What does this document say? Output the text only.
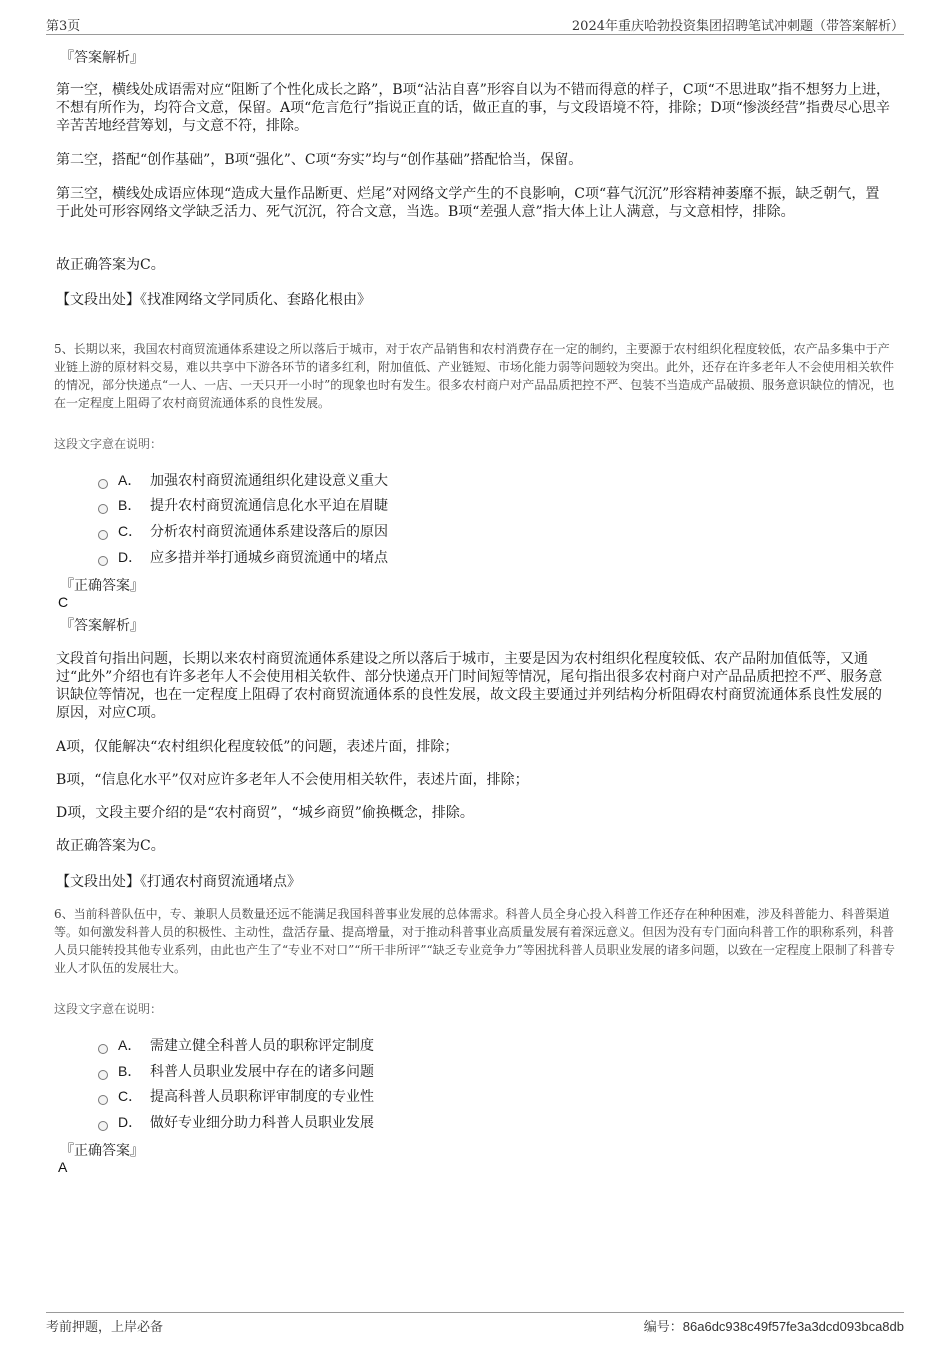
第3页	2024年重庆哈勃投资集团招聘笔试冲刺题（带答案解析）
『答案解析』
第一空，横线处成语需对应“阻断了个性化成长之路”，B项“沾沾自喜”形容自以为不错而得意的样子，C项“不思进取”指不想努力上进，不想有所作为，均符合文意，保留。A项“危言危行”指说正直的话，做正直的事，与文段语境不符，排除；D项“惨淡经营”指费尽心思辛辛苦苦地经营筹划，与文意不符，排除。
第二空，搭配“创作基础”，B项“强化”、C项“夯实”均与“创作基础”搭配恰当，保留。
第三空，横线处成语应体现“造成大量作品断更、烂尾”对网络文学产生的不良影响，C项“暮气沉沉”形容精神萎靡不振，缺乏朝气，置于此处可形容网络文学缺乏活力、死气沉沉，符合文意，当选。B项“差强人意”指大体上让人满意，与文意相悖，排除。
故正确答案为C。
【文段出处】《找准网络文学同质化、套路化根由》
5、长期以来，我国农村商贸流通体系建设之所以落后于城市，对于农产品销售和农村消费存在一定的制约，主要源于农村组织化程度较低，农产品多集中于产业链上游的原材料交易，难以共享中下游各环节的诸多红利，附加值低、产业链短、市场化能力弱等问题较为突出。此外，还存在许多老年人不会使用相关软件的情况，部分快递点“一人、一店、一天只开一小时”的现象也时有发生。很多农村商户对产品品质把控不严、包装不当造成产品破损、服务意识缺位的情况，也在一定程度上阻碍了农村商贸流通体系的良性发展。
这段文字意在说明：
A． 加强农村商贸流通组织化建设意义重大
B． 提升农村商贸流通信息化水平迫在眉睫
C． 分析农村商贸流通体系建设落后的原因
D． 应多措并举打通城乡商贸流通中的堵点
『正确答案』
C
『答案解析』
文段首句指出问题，长期以来农村商贸流通体系建设之所以落后于城市，主要是因为农村组织化程度较低、农产品附加值低等，又通过“此外”介绍也有许多老年人不会使用相关软件、部分快递点开门时间短等情况，尾句指出很多农村商户对产品品质把控不严、服务意识缺位等情况，也在一定程度上阻碍了农村商贸流通体系的良性发展，故文段主要通过并列结构分析阻碍农村商贸流通体系良性发展的原因，对应C项。
A项，仅能解决“农村组织化程度较低”的问题，表述片面，排除；
B项，“信息化水平”仅对应许多老年人不会使用相关软件，表述片面，排除；
D项，文段主要介绍的是“农村商贸”，“城乡商贸”偷换概念，排除。
故正确答案为C。
【文段出处】《打通农村商贸流通堵点》
6、当前科普队伍中，专、兼职人员数量还远不能满足我国科普事业发展的总体需求。科普人员全身心投入科普工作还存在种种困难，涉及科普能力、科普渠道等。如何激发科普人员的积极性、主动性，盘活存量、提高增量，对于推动科普事业高质量发展有着深远意义。但因为没有专门面向科普工作的职称系列，科普人员只能转投其他专业系列，由此也产生了“专业不对口”“所干非所评”“缺乏专业竞争力”等困扰科普人员职业发展的诸多问题，以致在一定程度上限制了科普专业人才队伍的发展壮大。
这段文字意在说明：
A． 需建立健全科普人员的职称评定制度
B． 科普人员职业发展中存在的诸多问题
C． 提高科普人员职称评审制度的专业性
D． 做好专业细分助力科普人员职业发展
『正确答案』
A
考前押题，上岸必备	编号：86a6dc938c49f57fe3a3dcd093bca8db
